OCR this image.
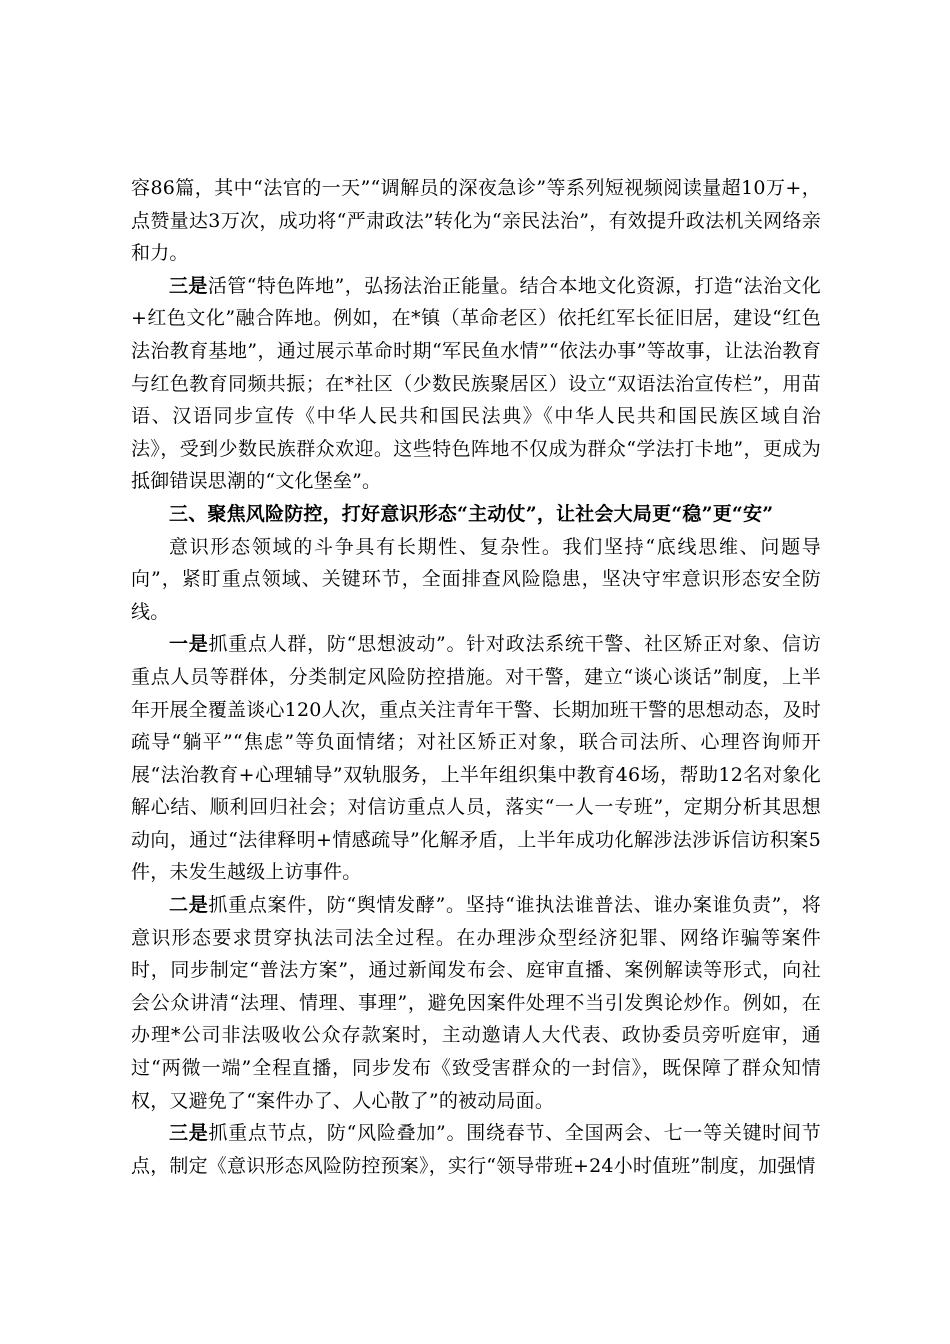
容86篇，其中“法官的一天”“调解员的深夜急诊”等系列短视频阅读量超10万+，点赞量达3万次，成功将“严肃政法”转化为“亲民法治”，有效提升政法机关网络亲和力。

三是活管“特色阵地”，弘扬法治正能量。结合本地文化资源，打造“法治文化+红色文化”融合阵地。例如，在*镇（革命老区）依托红军长征旧居，建设“红色法治教育基地”，通过展示革命时期“军民鱼水情”“依法办事”等故事，让法治教育与红色教育同频共振；在*社区（少数民族聚居区）设立“双语法治宣传栏”，用苗语、汉语同步宣传《中华人民共和国民法典》《中华人民共和国民族区域自治法》，受到少数民族群众欢迎。这些特色阵地不仅成为群众“学法打卡地”，更成为抵御错误思潮的“文化堡垒”。

三、聚焦风险防控，打好意识形态“主动仗”，让社会大局更“稳”更“安”

意识形态领域的斗争具有长期性、复杂性。我们坚持“底线思维、问题导向”，紧盯重点领域、关键环节，全面排查风险隐患，坚决守牢意识形态安全防线。

一是抓重点人群，防“思想波动”。针对政法系统干警、社区矫正对象、信访重点人员等群体，分类制定风险防控措施。对干警，建立“谈心谈话”制度，上半年开展全覆盖谈心120人次，重点关注青年干警、长期加班干警的思想动态，及时疏导“躺平”“焦虑”等负面情绪；对社区矫正对象，联合司法所、心理咨询师开展“法治教育+心理辅导”双轨服务，上半年组织集中教育46场，帮助12名对象化解心结、顺利回归社会；对信访重点人员，落实“一人一专班”，定期分析其思想动向，通过“法律释明+情感疏导”化解矛盾，上半年成功化解涉法涉诉信访积案5件，未发生越级上访事件。

二是抓重点案件，防“舆情发酵”。坚持“谁执法谁普法、谁办案谁负责”，将意识形态要求贯穿执法司法全过程。在办理涉众型经济犯罪、网络诈骗等案件时，同步制定“普法方案”，通过新闻发布会、庭审直播、案例解读等形式，向社会公众讲清“法理、情理、事理”，避免因案件处理不当引发舆论炒作。例如，在办理*公司非法吸收公众存款案时，主动邀请人大代表、政协委员旁听庭审，通过“两微一端”全程直播，同步发布《致受害群众的一封信》，既保障了群众知情权，又避免了“案件办了、人心散了”的被动局面。

三是抓重点节点，防“风险叠加”。围绕春节、全国两会、七一等关键时间节点，制定《意识形态风险防控预案》，实行“领导带班+24小时值班”制度，加强情
